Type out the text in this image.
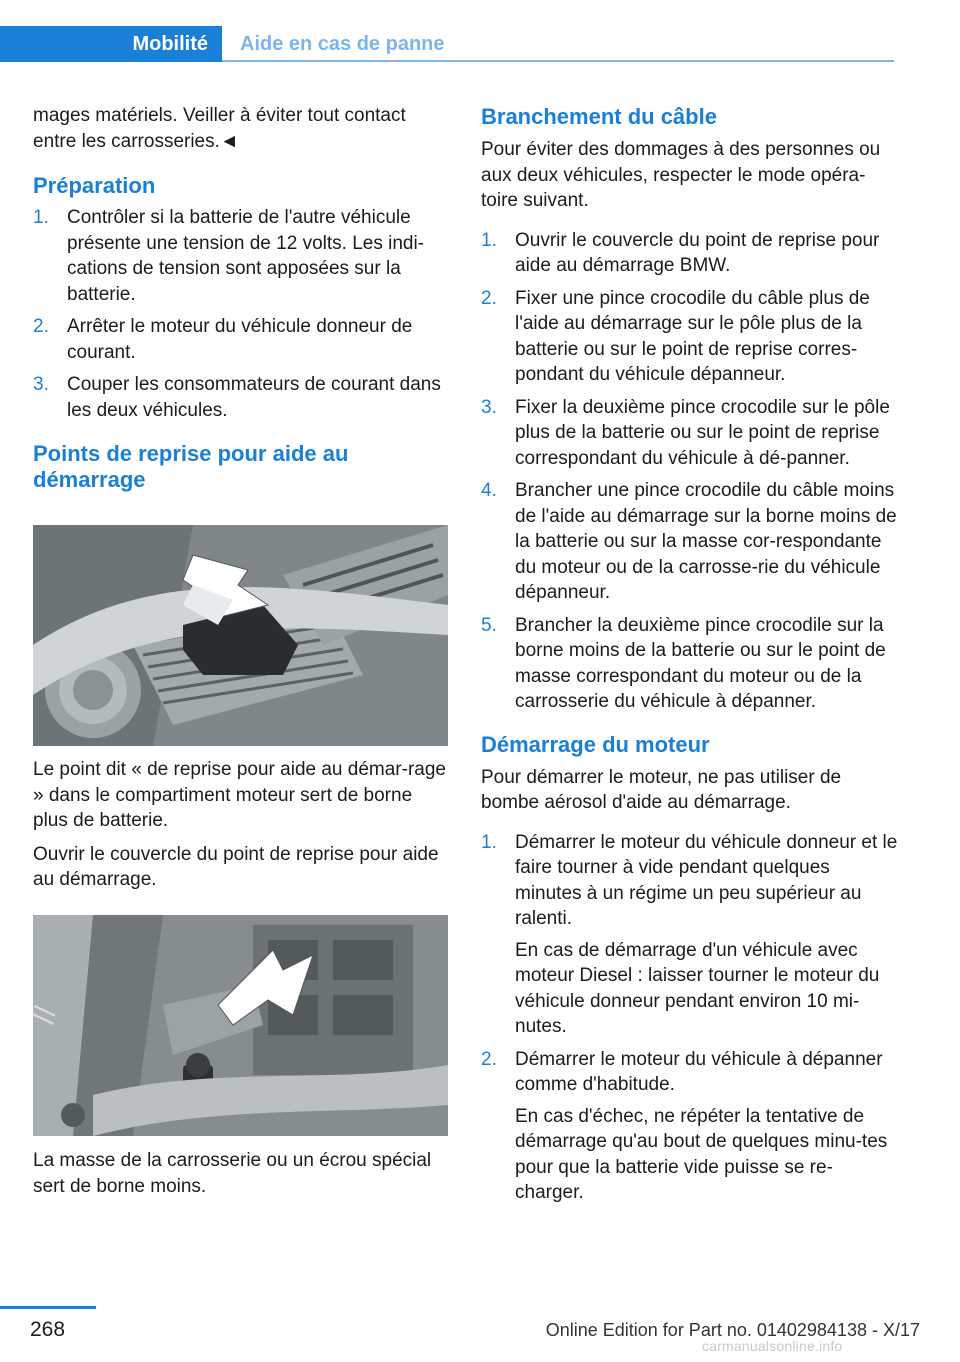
Mobilité	Aide en cas de panne

mages matériels. Veiller à éviter tout contact entre les carrosseries.◄

Préparation
1. Contrôler si la batterie de l'autre véhicule présente une tension de 12 volts. Les indi-cations de tension sont apposées sur la batterie.
2. Arrêter le moteur du véhicule donneur de courant.
3. Couper les consommateurs de courant dans les deux véhicules.
Points de reprise pour aide au démarrage

Le point dit « de reprise pour aide au démar-rage » dans le compartiment moteur sert de borne plus de batterie.

Ouvrir le couvercle du point de reprise pour aide au démarrage.

//

La masse de la carrosserie ou un écrou spécial sert de borne moins.

Branchement du câble

Pour éviter des dommages à des personnes ou aux deux véhicules, respecter le mode opéra-toire suivant.

1. Ouvrir le couvercle du point de reprise pour aide au démarrage BMW.
2. Fixer une pince crocodile du câble plus de l'aide au démarrage sur le pôle plus de la batterie ou sur le point de reprise corres-pondant du véhicule dépanneur.
3. Fixer la deuxième pince crocodile sur le pôle plus de la batterie ou sur le point de reprise correspondant du véhicule à dé-panner.
4. Brancher une pince crocodile du câble moins de l'aide au démarrage sur la borne moins de la batterie ou sur la masse cor-respondante du moteur ou de la carrosse-rie du véhicule dépanneur.
5. Brancher la deuxième pince crocodile sur la borne moins de la batterie ou sur le point de masse correspondant du moteur ou de la carrosserie du véhicule à dépanner.
Démarrage du moteur

Pour démarrer le moteur, ne pas utiliser de bombe aérosol d'aide au démarrage.

1. Démarrer le moteur du véhicule donneur et le faire tourner à vide pendant quelques minutes à un régime un peu supérieur au ralenti.
En cas de démarrage d'un véhicule avec moteur Diesel : laisser tourner le moteur du véhicule donneur pendant environ 10 mi-nutes.
2. Démarrer le moteur du véhicule à dépanner comme d'habitude.
En cas d'échec, ne répéter la tentative de démarrage qu'au bout de quelques minu-tes pour que la batterie vide puisse se re-charger.
268	Online Edition for Part no. 01402984138 - X/17
carmanualsonline.info
